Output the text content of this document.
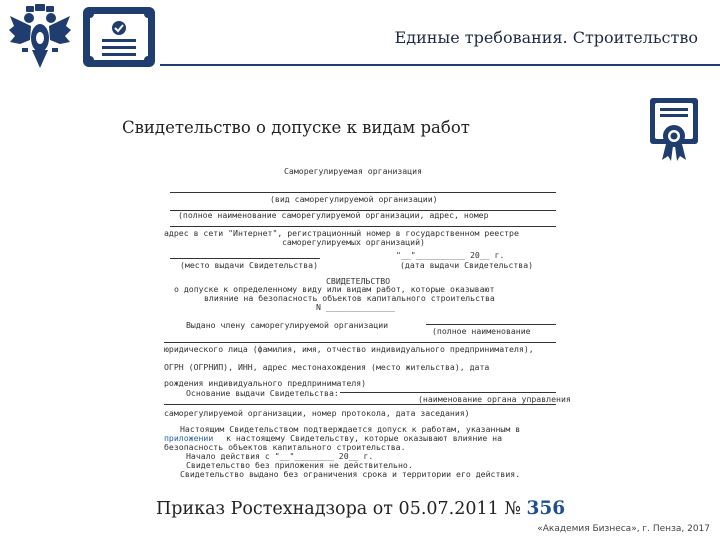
Единые требования. Строительство
Свидетельство о допуске к видам работ
Саморегулируемая организация
(вид саморегулируемой организации)
(полное наименование саморегулируемой организации, адрес, номер
адрес в сети "Интернет", регистрационный номер в государственном реестре
саморегулируемых организаций)
"__"__________ 20__ г.
(место выдачи Свидетельства)	(дата выдачи Свидетельства)
СВИДЕТЕЛЬСТВО
о допуске к определенному виду или видам работ, которые оказывают
влияние на безопасность объектов капитального строительства
N ______________
Выдано члену саморегулируемой организации
(полное наименование
юридического лица (фамилия, имя, отчество индивидуального предпринимателя),
ОГРН (ОГРНИП), ИНН, адрес местонахождения (место жительства), дата
рождения индивидуального предпринимателя)
Основание выдачи Свидетельства:
(наименование органа управления
саморегулируемой организации, номер протокола, дата заседания)
Настоящим Свидетельством подтверждается допуск к работам, указанным в
приложении к настоящему Свидетельству, которые оказывают влияние на
безопасность объектов капитального строительства.
Начало действия с "__"________ 20__ г.
Свидетельство без приложения не действительно.
Свидетельство выдано без ограничения срока и территории его действия.
Приказ Ростехнадзора от 05.07.2011 № 356
«Академия Бизнеса», г. Пенза, 2017
